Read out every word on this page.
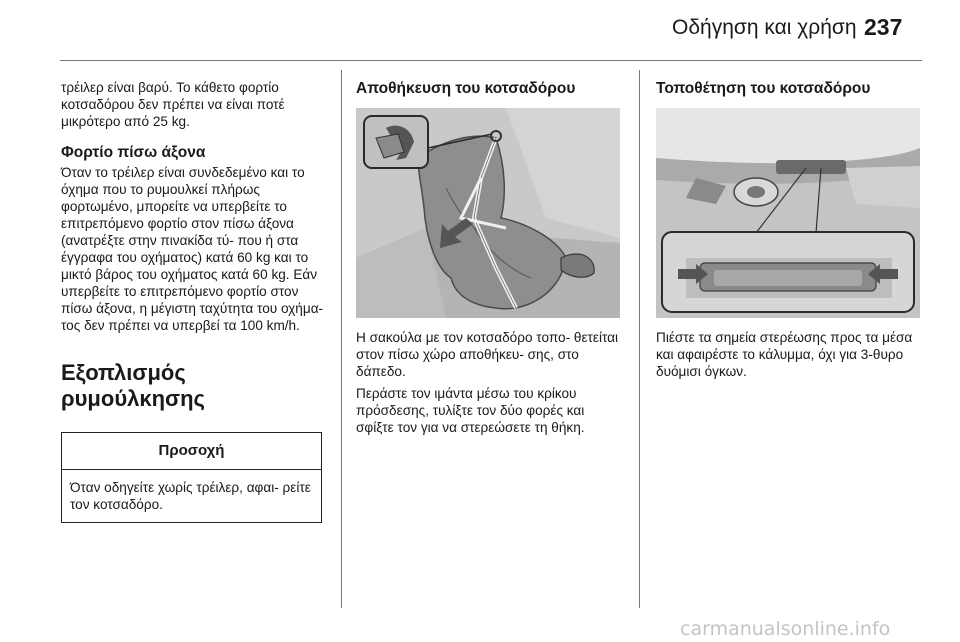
Οδήγηση και χρήση 237

τρέιλερ είναι βαρύ. Το κάθετο φορτίο κοτσαδόρου δεν πρέπει να είναι ποτέ μικρότερο από 25 kg.

Φορτίο πίσω άξονα

Όταν το τρέιλερ είναι συνδεδεμένο και το όχημα που το ρυμουλκεί πλήρως φορτωμένο, μπορείτε να υπερβείτε το επιτρεπόμενο φορτίο στον πίσω άξονα (ανατρέξτε στην πινακίδα τύ- που ή στα έγγραφα του οχήματος) κατά 60 kg και το μικτό βάρος του οχήματος κατά 60 kg. Εάν υπερβείτε το επιτρεπόμενο φορτίο στον πίσω άξονα, η μέγιστη ταχύτητα του οχήμα- τος δεν πρέπει να υπερβεί τα 100 km/h.

Εξοπλισμός ρυμούλκησης
Προσοχή
Όταν οδηγείτε χωρίς τρέιλερ, αφαι- ρείτε τον κοτσαδόρο.
Αποθήκευση του κοτσαδόρου

Η σακούλα με τον κοτσαδόρο τοπο- θετείται στον πίσω χώρο αποθήκευ- σης, στο δάπεδο.

Περάστε τον ιμάντα μέσω του κρίκου πρόσδεσης, τυλίξτε τον δύο φορές και σφίξτε τον για να στερεώσετε τη θήκη.

Τοποθέτηση του κοτσαδόρου

Πιέστε τα σημεία στερέωσης προς τα μέσα και αφαιρέστε το κάλυμμα, όχι για 3-θυρο δυόμισι όγκων.

carmanualsonline.info
